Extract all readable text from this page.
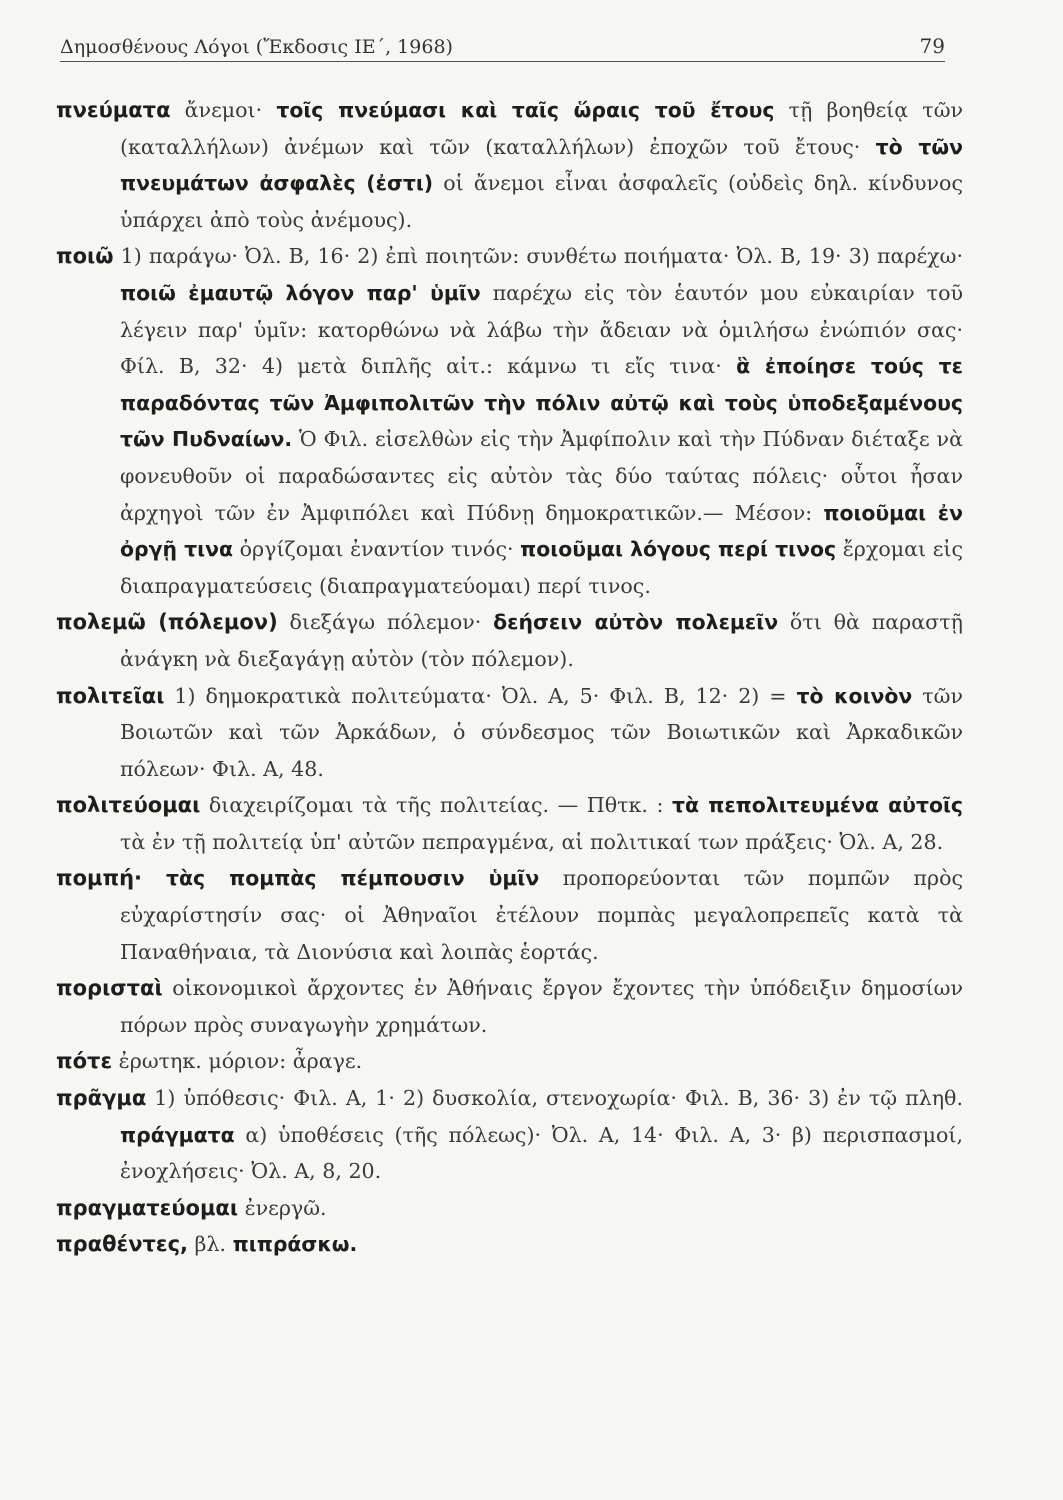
Δημοσθένους Λόγοι (Ἔκδοσις ΙΕ΄, 1968)	79

πνεύματα ἄνεμοι· τοῖς πνεύμασι καὶ ταῖς ὥραις τοῦ ἔτους τῇ βοηθείᾳ τῶν (καταλλήλων) ἀνέμων καὶ τῶν (καταλλήλων) ἐποχῶν τοῦ ἔτους· τὸ τῶν πνευμάτων ἀσφαλὲς (ἐστι) οἱ ἄνεμοι εἶναι ἀσφαλεῖς (οὐδεὶς δηλ. κίνδυνος ὑπάρχει ἀπὸ τοὺς ἀνέμους).

ποιῶ 1) παράγω· Ὀλ. Β, 16· 2) ἐπὶ ποιητῶν: συνθέτω ποιήματα· Ὀλ. Β, 19· 3) παρέχω· ποιῶ ἐμαυτῷ λόγον παρ' ὑμῖν παρέχω εἰς τὸν ἑαυτόν μου εὐκαιρίαν τοῦ λέγειν παρ' ὑμῖν: κατορθώνω νὰ λάβω τὴν ἄδειαν νὰ ὁμιλήσω ἐνώπιόν σας· Φίλ. Β, 32· 4) μετὰ διπλῆς αἰτ.: κάμνω τι εἴς τινα· ἃ ἐποίησε τούς τε παραδόντας τῶν Ἀμφιπολιτῶν τὴν πόλιν αὐτῷ καὶ τοὺς ὑποδεξαμένους τῶν Πυδναίων. Ὁ Φιλ. εἰσελθὼν εἰς τὴν Ἀμφίπολιν καὶ τὴν Πύδναν διέταξε νὰ φονευθοῦν οἱ παραδώσαντες εἰς αὐτὸν τὰς δύο ταύτας πόλεις· οὗτοι ἦσαν ἀρχηγοὶ τῶν ἐν Ἀμφιπόλει καὶ Πύδνῃ δημοκρατικῶν.— Μέσον: ποιοῦμαι ἐν ὀργῇ τινα ὀργίζομαι ἐναντίον τινός· ποιοῦμαι λόγους περί τινος ἔρχομαι εἰς διαπραγματεύσεις (διαπραγματεύομαι) περί τινος.

πολεμῶ (πόλεμον) διεξάγω πόλεμον· δεήσειν αὐτὸν πολεμεῖν ὅτι θὰ παραστῇ ἀνάγκη νὰ διεξαγάγῃ αὐτὸν (τὸν πόλεμον).

πολιτεῖαι 1) δημοκρατικὰ πολιτεύματα· Ὀλ. Α, 5· Φιλ. Β, 12· 2) = τὸ κοινὸν τῶν Βοιωτῶν καὶ τῶν Ἀρκάδων, ὁ σύνδεσμος τῶν Βοιωτικῶν καὶ Ἀρκαδικῶν πόλεων· Φιλ. Α, 48.

πολιτεύομαι διαχειρίζομαι τὰ τῆς πολιτείας. — Πθτκ. : τὰ πεπολιτευμένα αὐτοῖς τὰ ἐν τῇ πολιτείᾳ ὑπ' αὐτῶν πεπραγμένα, αἱ πολιτικαί των πράξεις· Ὀλ. Α, 28.

πομπή· τὰς πομπὰς πέμπουσιν ὑμῖν προπορεύονται τῶν πομπῶν πρὸς εὐχαρίστησίν σας· οἱ Ἀθηναῖοι ἐτέλουν πομπὰς μεγαλοπρεπεῖς κατὰ τὰ Παναθήναια, τὰ Διονύσια καὶ λοιπὰς ἑορτάς.

πορισταὶ οἰκονομικοὶ ἄρχοντες ἐν Ἀθήναις ἔργον ἔχοντες τὴν ὑπόδειξιν δημοσίων πόρων πρὸς συναγωγὴν χρημάτων.

πότε ἐρωτηκ. μόριον: ἆραγε.

πρᾶγμα 1) ὑπόθεσις· Φιλ. Α, 1· 2) δυσκολία, στενοχωρία· Φιλ. Β, 36· 3) ἐν τῷ πληθ. πράγματα α) ὑποθέσεις (τῆς πόλεως)· Ὀλ. Α, 14· Φιλ. Α, 3· β) περισπασμοί, ἐνοχλήσεις· Ὀλ. Α, 8, 20.

πραγματεύομαι ἐνεργῶ.

πραθέντες, βλ. πιπράσκω.
